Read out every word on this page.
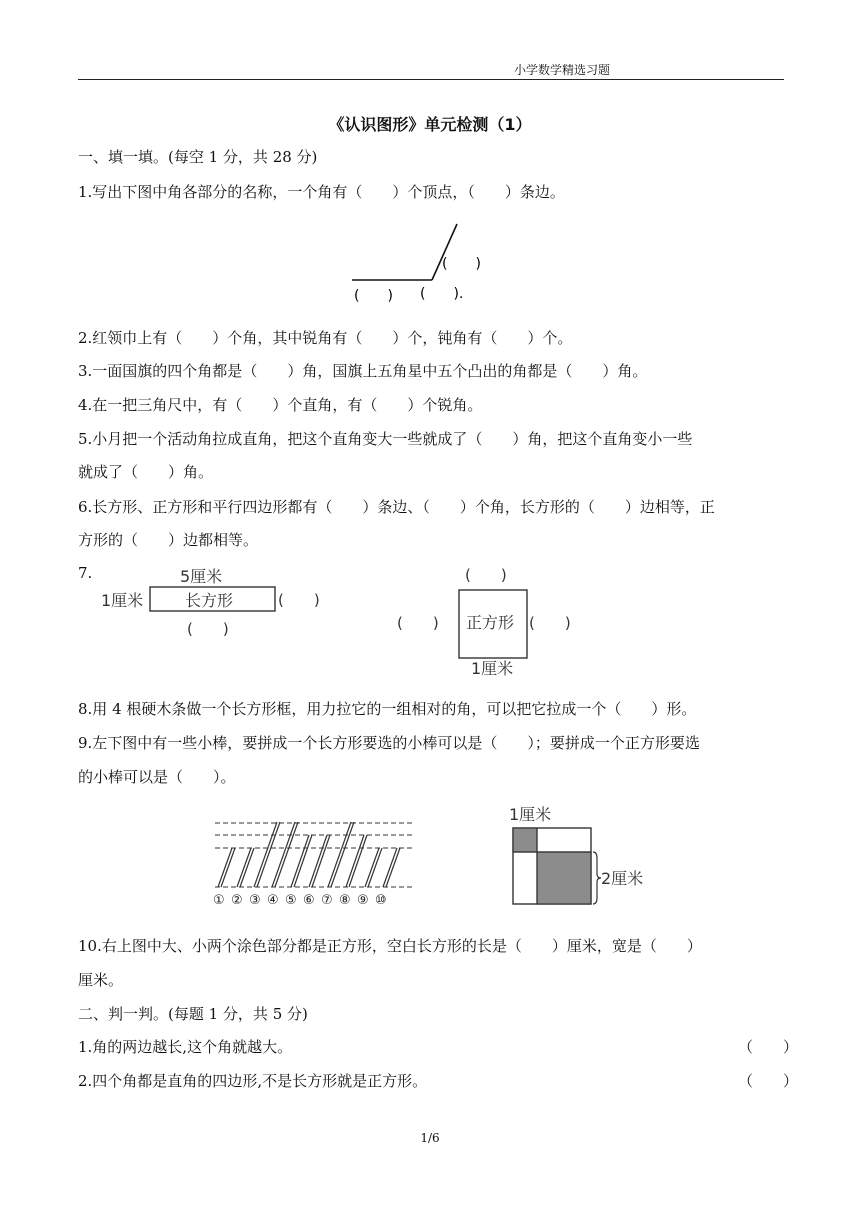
小学数学精选习题
《认识图形》单元检测（1）
一、填一填。(每空 1 分，共 28 分)
1.写出下图中角各部分的名称，一个角有（　　）个顶点，（　　）条边。
(　　)
(　　) (　　).
2.红领巾上有（　　）个角，其中锐角有（　　）个，钝角有（　　）个。
3.一面国旗的四个角都是（　　）角，国旗上五角星中五个凸出的角都是（　　）角。
4.在一把三角尺中，有（　　）个直角，有（　　）个锐角。
5.小月把一个活动角拉成直角，把这个直角变大一些就成了（　　）角，把这个直角变小一些
就成了（　　）角。
6.长方形、正方形和平行四边形都有（　　）条边、（　　）个角，长方形的（　　）边相等，正
方形的（　　）边都相等。
7.	5厘米
1厘米	长方形	(　　)
(　　)
(　　)
(　　) 正方形 (　　)
1厘米
8.用 4 根硬木条做一个长方形框，用力拉它的一组相对的角，可以把它拉成一个（　　）形。
9.左下图中有一些小棒，要拼成一个长方形要选的小棒可以是（　　）；要拼成一个正方形要选
的小棒可以是（　　）。
① ② ③ ④ ⑤ ⑥ ⑦ ⑧ ⑨ ⑩
1厘米
2厘米
10.右上图中大、小两个涂色部分都是正方形，空白长方形的长是（　　）厘米，宽是（　　）
厘米。
二、判一判。(每题 1 分，共 5 分)
1.角的两边越长,这个角就越大。	（　　）
2.四个角都是直角的四边形,不是长方形就是正方形。	（　　）
1/6
